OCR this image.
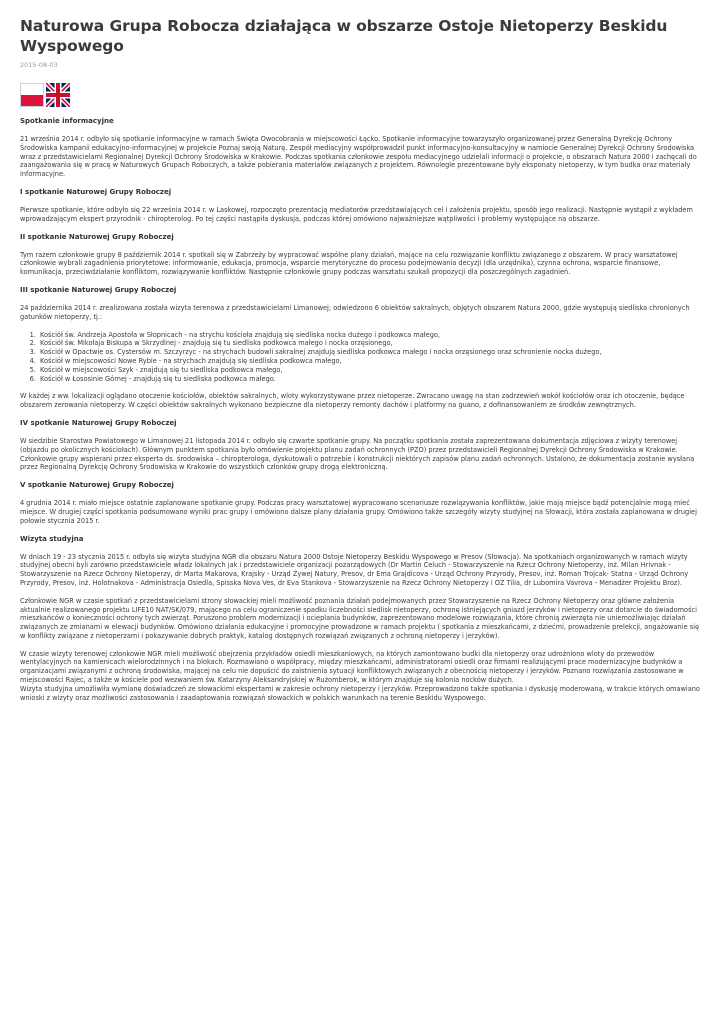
Naturowa Grupa Robocza działająca w obszarze Ostoje Nietoperzy Beskidu Wyspowego
2015-08-03
Spotkanie informacyjne

21 września 2014 r. odbyło się spotkanie informacyjne w ramach Święta Owocobrania w miejscowości Łącko. Spotkanie informacyjne towarzyszyło organizowanej przez Generalną Dyrekcję Ochrony Środowiska kampanii edukacyjno-informacyjnej w projekcie Poznaj swoją Naturę. Zespół mediacyjny współprowadził punkt informacyjno-konsultacyjny w namiocie Generalnej Dyrekcji Ochrony Środowiska wraz z przedstawicielami Regionalnej Dyrekcji Ochrony Środowiska w Krakowie. Podczas spotkania członkowie zespołu mediacyjnego udzielali informacji o projekcie, o obszarach Natura 2000 i zachęcali do zaangażowania się w pracę w Naturowych Grupach Roboczych, a także pobierania materiałów związanych z projektem. Równolegle prezentowane były eksponaty nietoperzy, w tym budka oraz materiały informacyjne.

I spotkanie Naturowej Grupy Roboczej

Pierwsze spotkanie, które odbyło się 22 września 2014 r. w Laskowej, rozpoczęto prezentacją mediatorów przedstawiających cel i założenia projektu, sposób jego realizacji. Następnie wystąpił z wykładem wprowadzającym ekspert przyrodnik - chiropterolog. Po tej części nastąpiła dyskusja, podczas której omówiono najważniejsze wątpliwości i problemy występujące na obszarze.

II spotkanie Naturowej Grupy Roboczej

Tym razem członkowie grupy 8 październik 2014 r. spotkali się w Zabrzeży by wypracować wspólne plany działań, mające na celu rozwiązanie konfliktu związanego z obszarem. W pracy warsztatowej członkowie wybrali zagadnienia priorytetowe: informowanie, edukacja, promocja, wsparcie merytoryczne do procesu podejmowania decyzji (dla urzędnika), czynna ochrona, wsparcie finansowe, komunikacja, przeciwdziałanie konfliktom, rozwiązywanie konfliktów. Następnie członkowie grupy podczas warsztatu szukali propozycji dla poszczególnych zagadnień.

III spotkanie Naturowej Grupy Roboczej

24 października 2014 r. zrealizowana została wizyta terenowa z przedstawicielami Limanowej; odwiedzono 6 obiektów sakralnych, objętych obszarem Natura 2000, gdzie występują siedliska chronionych gatunków nietoperzy, tj.:

1. Kościół św. Andrzeja Apostoła w Słopnicach - na strychu kościoła znajdują się siedliska nocka dużego i podkowca małego,
2. Kościół św. Mikołaja Biskupa w Skrzydlnej - znajdują się tu siedliska podkowca małego i nocka orzęsionego,
3. Kościół w Opactwie os. Cystersów m. Szczyrzyc - na strychach budowli sakralnej znajdują siedliska podkowca małego i nocka orzęsionego oraz schronienie nocka dużego,
4. Kościół w miejscowości Nowe Rybie - na strychach znajdują się siedliska podkowca małego,
5. Kościół w miejscowości Szyk - znajdują się tu siedliska podkowca małego,
6. Kościół w Łososinie Górnej - znajdują się tu siedliska podkowca małego.

W każdej z ww. lokalizacji oglądano otoczenie kościołów, obiektów sakralnych, wloty wykorzystywane przez nietoperze. Zwracano uwagę na stan zadrzewień wokół kościołów oraz ich otoczenie, będące obszarem żerowania nietoperzy. W części obiektów sakralnych wykonano bezpieczne dla nietoperzy remonty dachów i platformy na guano, z dofinansowaniem ze środków zewnętrznych.

IV spotkanie Naturowej Grupy Roboczej

W siedzibie Starostwa Powiatowego w Limanowej 21 listopada 2014 r. odbyło się czwarte spotkanie grupy. Na początku spotkania została zaprezentowana dokumentacja zdjęciowa z wizyty terenowej (objazdu po okolicznych kościołach). Głównym punktem spotkania było omówienie projektu planu zadań ochronnych (PZO) przez przedstawicieli Regionalnej Dyrekcji Ochrony Środowiska w Krakowie.
Członkowie grupy wspierani przez eksperta ds. środowiska – chiropterologa, dyskutowali o potrzebie i konstrukcji niektórych zapisów planu zadań ochronnych. Ustalono, że dokumentacja zostanie wysłana przez Regionalną Dyrekcję Ochrony Środowiska w Krakowie do wszystkich członków grupy drogą elektroniczną.

V spotkanie Naturowej Grupy Roboczej

4 grudnia 2014 r. miało miejsce ostatnie zaplanowane spotkanie grupy. Podczas pracy warsztatowej wypracowano scenariusze rozwiązywania konfliktów, jakie mają miejsce bądź potencjalnie mogą mieć miejsce. W drugiej części spotkania podsumowano wyniki prac grupy i omówiono dalsze plany działania grupy. Omówiono także szczegóły wizyty studyjnej na Słowacji, która została zaplanowana w drugiej połowie stycznia 2015 r.

Wizyta studyjna

W dniach 19 - 23 stycznia 2015 r. odbyła się wizyta studyjna NGR dla obszaru Natura 2000 Ostoje Nietoperzy Beskidu Wyspowego w Presov (Słowacja). Na spotkaniach organizowanych w ramach wizyty studyjnej obecni byli zarówno przedstawiciele władz lokalnych jak i przedstawiciele organizacji pozarządowych (Dr Martin Celuch - Stowarzyszenie na Rzecz Ochrony Nietoperzy, inż. Milan Hrivnak - Stowarzyszenie na Rzecz Ochrony Nietoperzy, dr Marta Makarova, Krajsky - Urząd Żywej Natury, Presov, dr Ema Grajdicova - Urząd Ochrony Przyrody, Presov, inż. Roman Trojcak- Statna - Urząd Ochrony Przyrody, Presov, inż. Holotnakova - Administracja Osiedla, Spisska Nova Ves, dr Eva Stankova - Stowarzyszenie na Rzecz Ochrony Nietoperzy i OZ Tilia, dr Lubomira Vavrova - Menadżer Projektu Broz).

Członkowie NGR w czasie spotkań z przedstawicielami strony słowackiej mieli możliwość poznania działań podejmowanych przez Stowarzyszenie na Rzecz Ochrony Nietoperzy oraz główne założenia aktualnie realizowanego projektu LIFE10 NAT/SK/079, mającego na celu ograniczenie spadku liczebności siedlisk nietoperzy, ochronę istniejących gniazd jerzyków i nietoperzy oraz dotarcie do świadomości mieszkańców o konieczności ochrony tych zwierząt. Poruszono problem modernizacji i ocieplania budynków, zaprezentowano modelowe rozwiązania, które chronią zwierzęta nie uniemożliwiając działań związanych ze zmianami w elewacji budynków. Omówiono działania edukacyjne i promocyjne prowadzone w ramach projektu ( spotkania z mieszkańcami, z dziećmi, prowadzenie prelekcji, angażowanie się w konflikty związane z nietoperzami i pokazywanie dobrych praktyk, katalog dostępnych rozwiązań związanych z ochroną nietoperzy i jerzyków).

W czasie wizyty terenowej członkowie NGR mieli możliwość obejrzenia przykładów osiedli mieszkaniowych, na których zamontowano budki dla nietoperzy oraz udrożniono wloty do przewodów wentylacyjnych na kamienicach wielorodzinnych i na blokach. Rozmawiano o współpracy, między mieszkańcami, administratorami osiedli oraz firmami realizującymi prace modernizacyjne budynków a organizacjami związanymi z ochroną środowiska, mającej na celu nie dopuścić do zaistnienia sytuacji konfliktowych związanych z obecnością nietoperzy i jerzyków. Poznano rozwiązania zastosowane w miejscowości Rajec, a także w kościele pod wezwaniem św. Katarzyny Aleksandryjskiej w Rużomberok, w którym znajduje się kolonia nocków dużych.
Wizyta studyjna umożliwiła wymianę doświadczeń ze słowackimi ekspertami w zakresie ochrony nietoperzy i jerzyków. Przeprowadzono także spotkania i dyskusję moderowaną, w trakcie których omawiano wnioski z wizyty oraz możliwości zastosowania i zaadaptowania rozwiązań słowackich w polskich warunkach na terenie Beskidu Wyspowego.
